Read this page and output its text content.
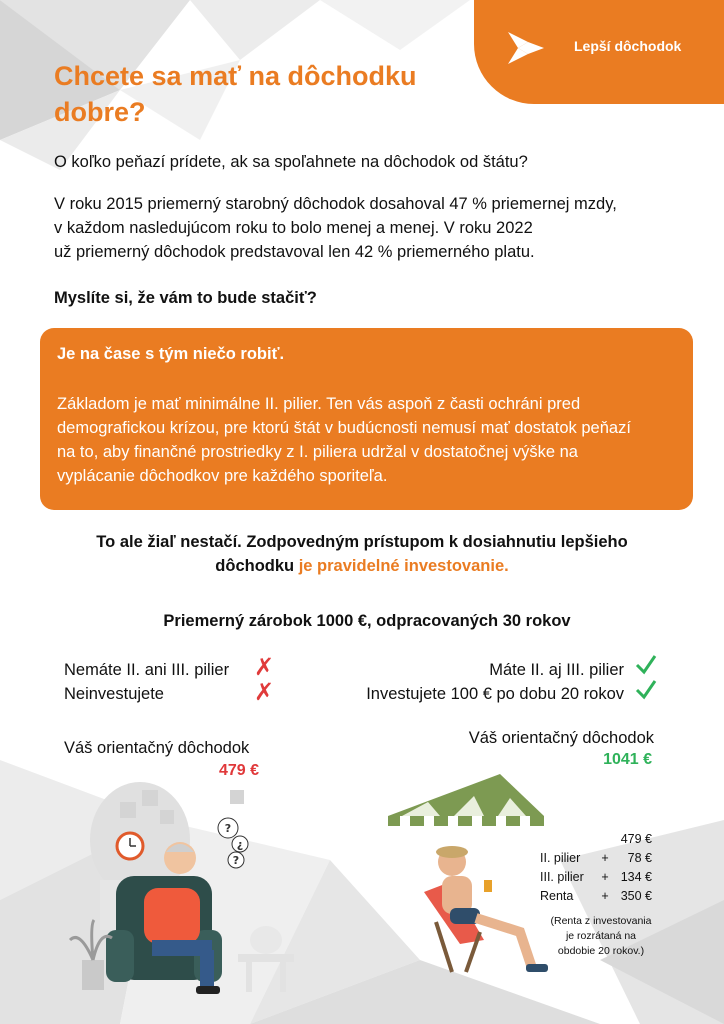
Lepší dôchodok
Chcete sa mať na dôchodku dobre?
O koľko peňazí prídete, ak sa spoľahnete na dôchodok od štátu?
V roku 2015 priemerný starobný dôchodok dosahoval 47 % priemernej mzdy,
v každom nasledujúcom roku to bolo menej a menej. V roku 2022
už priemerný dôchodok predstavoval len 42 % priemerného platu.
Myslíte si, že vám to bude stačiť?
Je na čase s tým niečo robiť.
Základom je mať minimálne II. pilier. Ten vás aspoň z časti ochráni pred
demografickou krízou, pre ktorú štát v budúcnosti nemusí mať dostatok peňazí
na to, aby finančné prostriedky z I. piliera udržal v dostatočnej výške na
vyplácanie dôchodkov pre každého sporiteľa.
To ale žiaľ nestačí. Zodpovedným prístupom k dosiahnutiu lepšieho
dôchodku je pravidelné investovanie.
Priemerný zárobok 1000 €, odpracovaných 30 rokov
Nemáte II. ani III. pilier ✗
Neinvestujete	✗
Váš orientačný dôchodok
479 €
Máte II. aj III. pilier
Investujete 100 € po dobu 20 rokov
Váš orientačný dôchodok
1041 €
479 €
II. pilier	+	78 €
III. pilier	+ 134 €
Renta	+ 350 €
(Renta z investovania
je rozrátaná na
obdobie 20 rokov.)
?
¿
?
